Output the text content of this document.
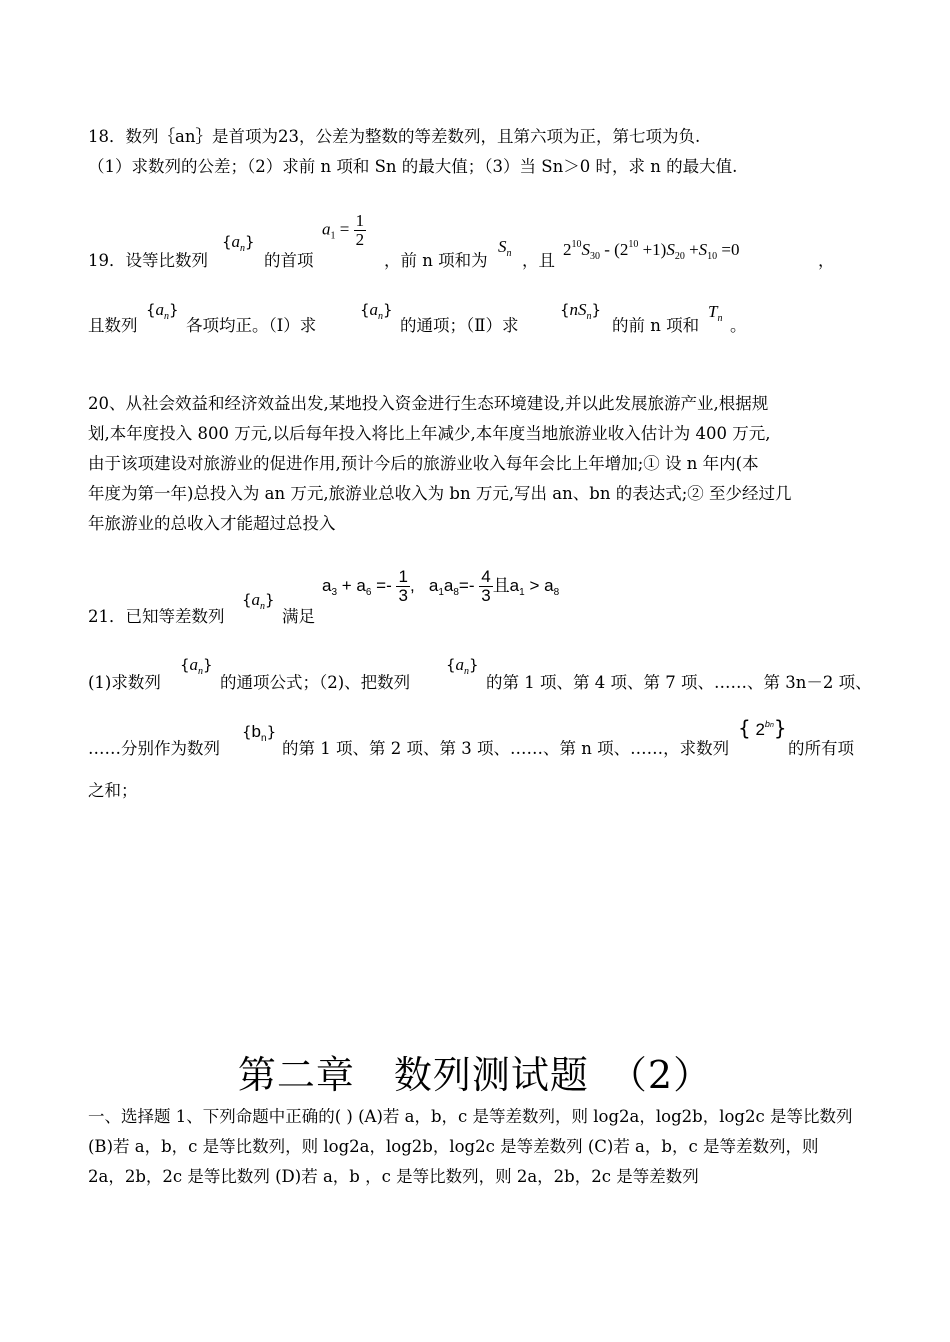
18．数列｛an｝是首项为23，公差为整数的等差数列，且第六项为正，第七项为负.
（1）求数列的公差；（2）求前 n 项和 Sn 的最大值；（3）当 Sn＞0 时，求 n 的最大值.
19．设等比数列
$\{a_n\}$
的首项
$a_1 = \frac{1}{2}$
，前 n 项和为
$S_n$ ，且
$2^{10}S_{30} - (2^{10} +1)S_{20} +S_{10} =0$
，
且数列
$\{a_n\}$
各项均正。（Ⅰ）求
$\{a_n\}$
的通项；（Ⅱ）求
$\{nS_n\}$
的前 n 项和
$T_n$ 。
20、从社会效益和经济效益出发,某地投入资金进行生态环境建设,并以此发展旅游产业,根据规
划,本年度投入 800 万元,以后每年投入将比上年减少,本年度当地旅游业收入估计为 400 万元,
由于该项建设对旅游业的促进作用,预计今后的旅游业收入每年会比上年增加;① 设 n 年内(本
年度为第一年)总投入为 an 万元,旅游业总收入为 bn 万元,写出 an、bn 的表达式;② 至少经过几
年旅游业的总收入才能超过总投入
21．已知等差数列
$\{a_n\}$
满足
$a_3 + a_6 =- \frac{1}{3}$ ,   $a_1a_8=- \frac{4}{3}$ 且$a_1 > a_8$
(1)求数列
$\{a_n\}$
的通项公式；（2)、把数列
$\{a_n\}$
的第 1 项、第 4 项、第 7 项、……、第 3n－2 项、
……分别作为数列
$\{b_n\}$
的第 1 项、第 2 项、第 3 项、……、第 n 项、……，求数列
{ $2^{bn}$}
的所有项
之和；
第二章　数列测试题　（2）
一、选择题 1、下列命题中正确的( ) (A)若 a，b，c 是等差数列，则 log2a，log2b，log2c 是等比数列
(B)若 a，b，c 是等比数列，则 log2a，log2b，log2c 是等差数列 (C)若 a，b，c 是等差数列，则
2a，2b，2c 是等比数列 (D)若 a，b ，c 是等比数列，则 2a，2b，2c 是等差数列
